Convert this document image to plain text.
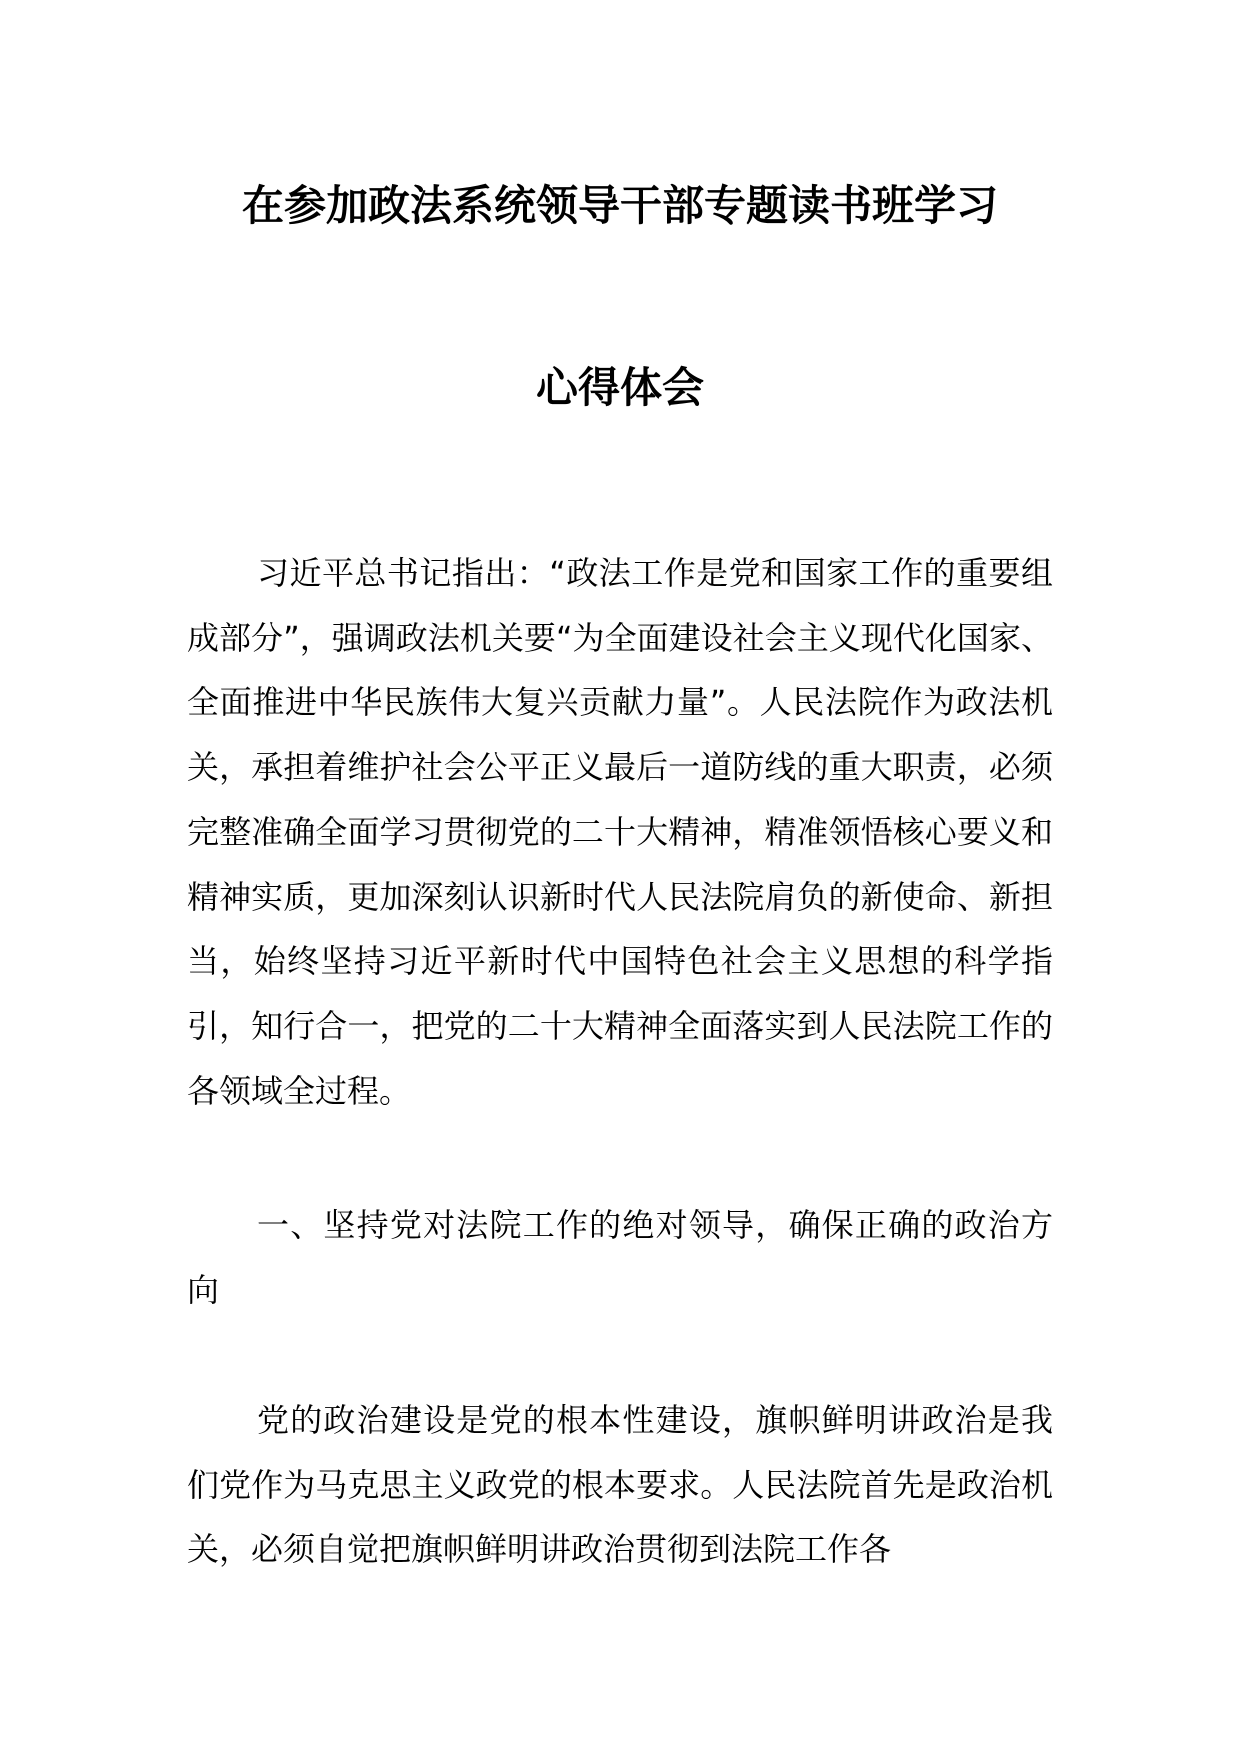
在参加政法系统领导干部专题读书班学习
心得体会

习近平总书记指出：“政法工作是党和国家工作的重要组成部分”，强调政法机关要“为全面建设社会主义现代化国家、全面推进中华民族伟大复兴贡献力量”。人民法院作为政法机关，承担着维护社会公平正义最后一道防线的重大职责，必须完整准确全面学习贯彻党的二十大精神，精准领悟核心要义和精神实质，更加深刻认识新时代人民法院肩负的新使命、新担当，始终坚持习近平新时代中国特色社会主义思想的科学指引，知行合一，把党的二十大精神全面落实到人民法院工作的各领域全过程。

一、坚持党对法院工作的绝对领导，确保正确的政治方向

党的政治建设是党的根本性建设，旗帜鲜明讲政治是我们党作为马克思主义政党的根本要求。人民法院首先是政治机关，必须自觉把旗帜鲜明讲政治贯彻到法院工作各
